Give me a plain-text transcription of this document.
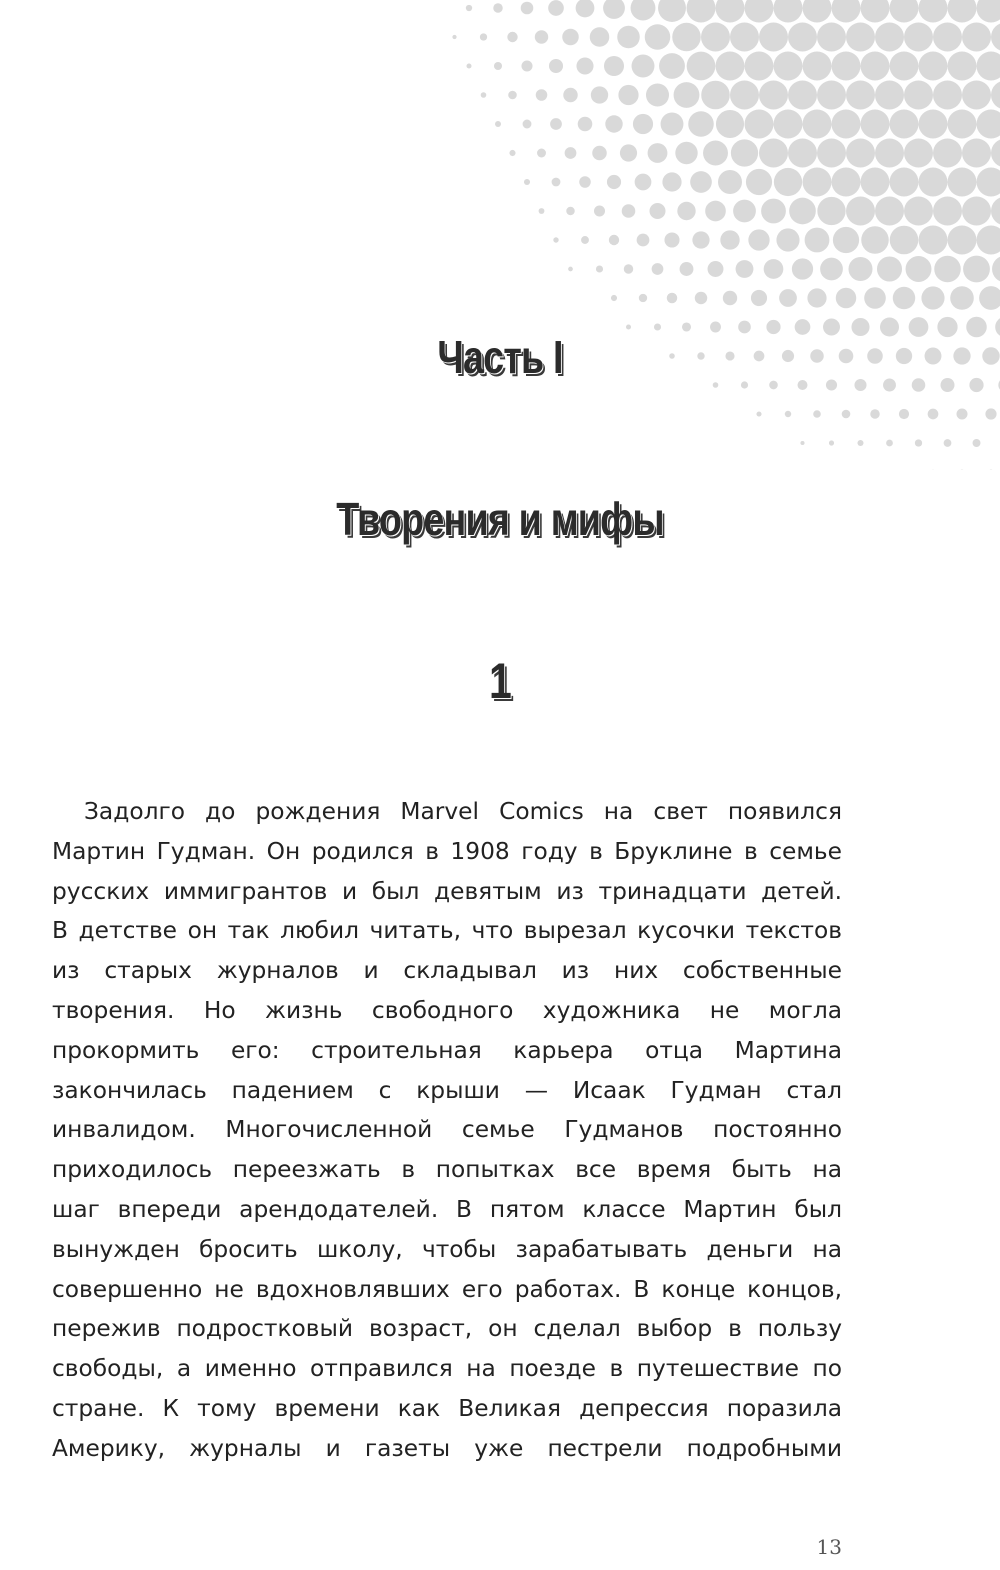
Часть I
Творения и мифы
1
Задолго до рождения Marvel Comics на свет появился
Мартин Гудман. Он родился в 1908 году в Бруклине в семье
русских иммигрантов и был девятым из тринадцати детей.
В детстве он так любил читать, что вырезал кусочки текстов
из старых журналов и складывал из них собственные
творения. Но жизнь свободного художника не могла
прокормить его: строительная карьера отца Мартина
закончилась падением с крыши — Исаак Гудман стал
инвалидом. Многочисленной семье Гудманов постоянно
приходилось переезжать в попытках все время быть на
шаг впереди арендодателей. В пятом классе Мартин был
вынужден бросить школу, чтобы зарабатывать деньги на
совершенно не вдохновлявших его работах. В конце концов,
пережив подростковый возраст, он сделал выбор в пользу
свободы, а именно отправился на поезде в путешествие по
стране. К тому времени как Великая депрессия поразила
Америку, журналы и газеты уже пестрели подробными
13
